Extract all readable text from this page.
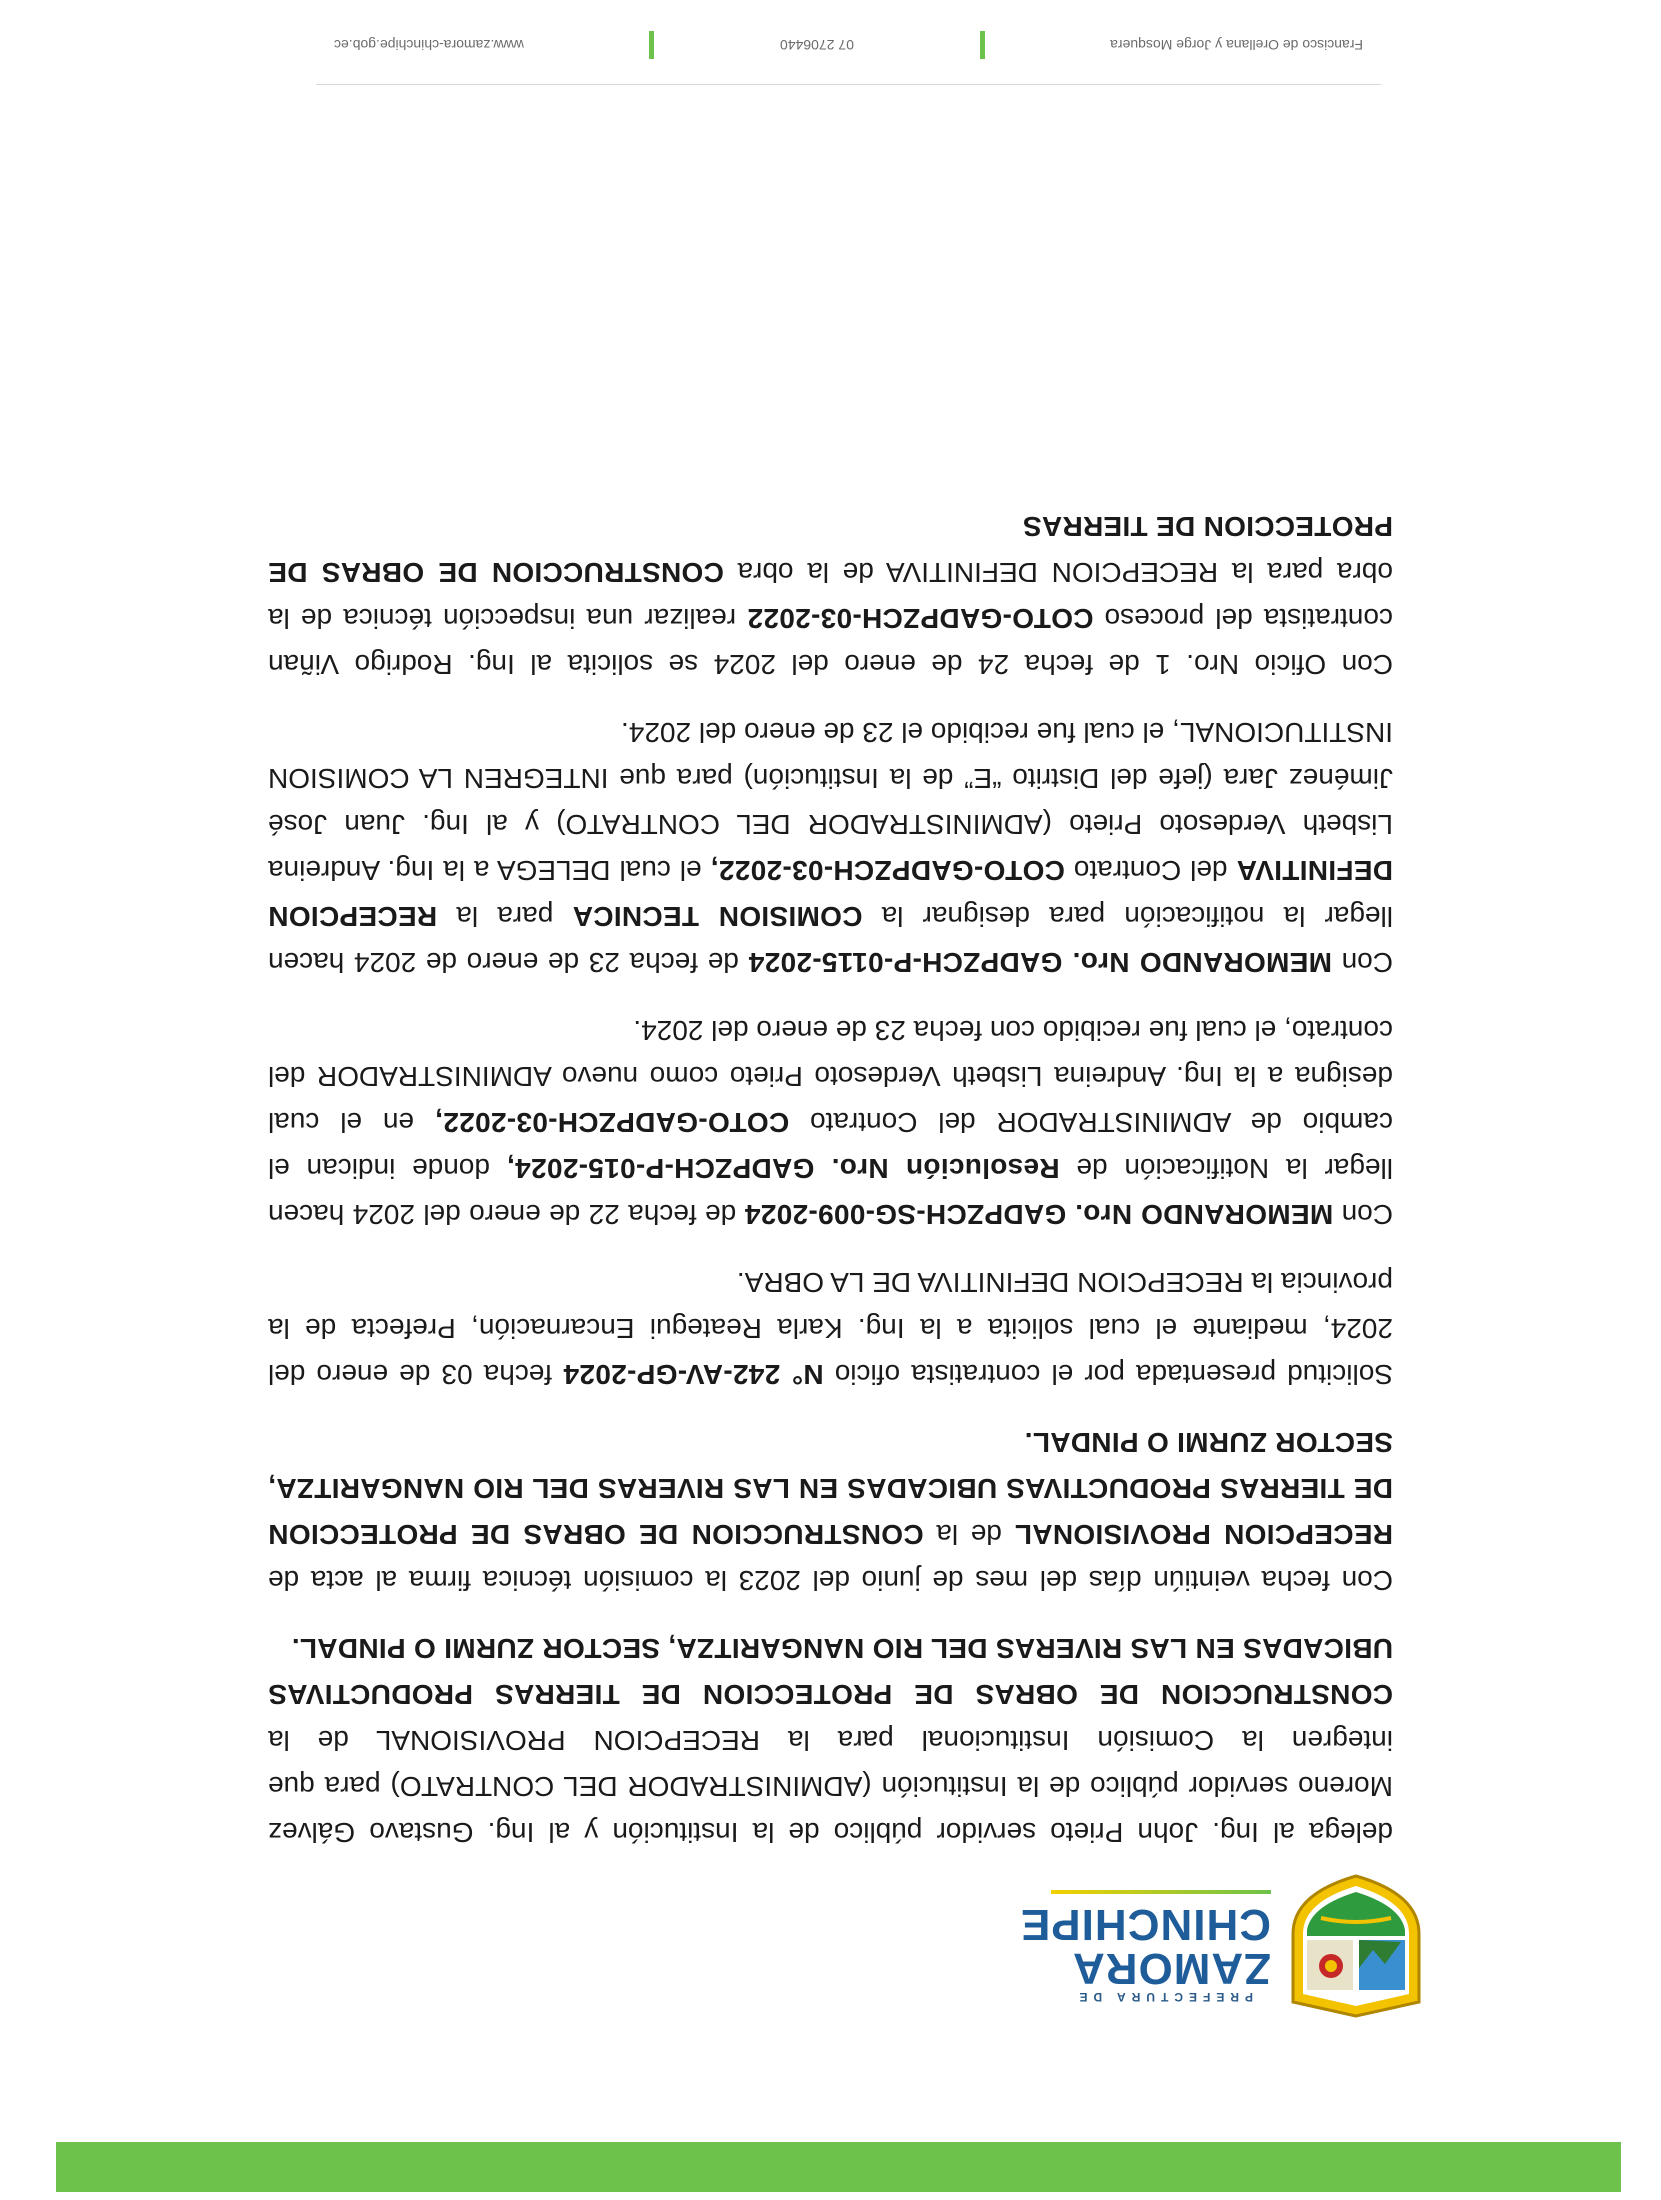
PREFECTURA DE
ZAMORA
CHINCHIPE

delega al Ing. John Prieto servidor público de la Institución y al Ing. Gustavo Gálvez Moreno servidor público de la Institución (ADMINISTRADOR DEL CONTRATO) para que integren la Comisión Institucional para la RECEPCION PROVISIONAL de la CONSTRUCCION DE OBRAS DE PROTECCION DE TIERRAS PRODUCTIVAS UBICADAS EN LAS RIVERAS DEL RIO NANGARITZA, SECTOR ZURMI O PINDAL.

Con fecha veintiún días del mes de junio del 2023 la comisión técnica firma al acta de RECEPCION PROVISIONAL de la CONSTRUCCION DE OBRAS DE PROTECCION DE TIERRAS PRODUCTIVAS UBICADAS EN LAS RIVERAS DEL RIO NANGARITZA, SECTOR ZURMI O PINDAL.

Solicitud presentada por el contratista oficio N° 242-AV-GP-2024 fecha 03 de enero del 2024, mediante el cual solicita a la Ing. Karla Reategui Encarnación, Prefecta de la provincia la RECEPCION DEFINITIVA DE LA OBRA.

Con MEMORANDO Nro. GADPZCH-SG-009-2024 de fecha 22 de enero del 2024 hacen llegar la Notificación de Resolución Nro. GADPZCH-P-015-2024, donde indican el cambio de ADMINISTRADOR del Contrato COTO-GADPZCH-03-2022, en el cual designa a la Ing. Andreina Lisbeth Verdesoto Prieto como nuevo ADMINISTRADOR del contrato, el cual fue recibido con fecha 23 de enero del 2024.

Con MEMORANDO Nro. GADPZCH-P-0115-2024 de fecha 23 de enero de 2024 hacen llegar la notificación para designar la COMISION TECNICA para la RECEPCION DEFINITIVA del Contrato COTO-GADPZCH-03-2022, el cual DELEGA a la Ing. Andreina Lisbeth Verdesoto Prieto (ADMINISTRADOR DEL CONTRATO) y al Ing. Juan José Jiménez Jara (jefe del Distrito “E” de la Institución) para que INTEGREN LA COMISION INSTITUCIONAL, el cual fue recibido el 23 de enero del 2024.

Con Oficio Nro. 1 de fecha 24 de enero del 2024 se solicita al Ing. Rodrigo Viñan contratista del proceso COTO-GADPZCH-03-2022 realizar una inspección técnica de la obra para la RECEPCION DEFINITIVA de la obra CONSTRUCCION DE OBRAS DE PROTECCION DE TIERRAS

Francisco de Orellana y Jorge Mosquera
07 2706440
www.zamora-chinchipe.gob.ec
